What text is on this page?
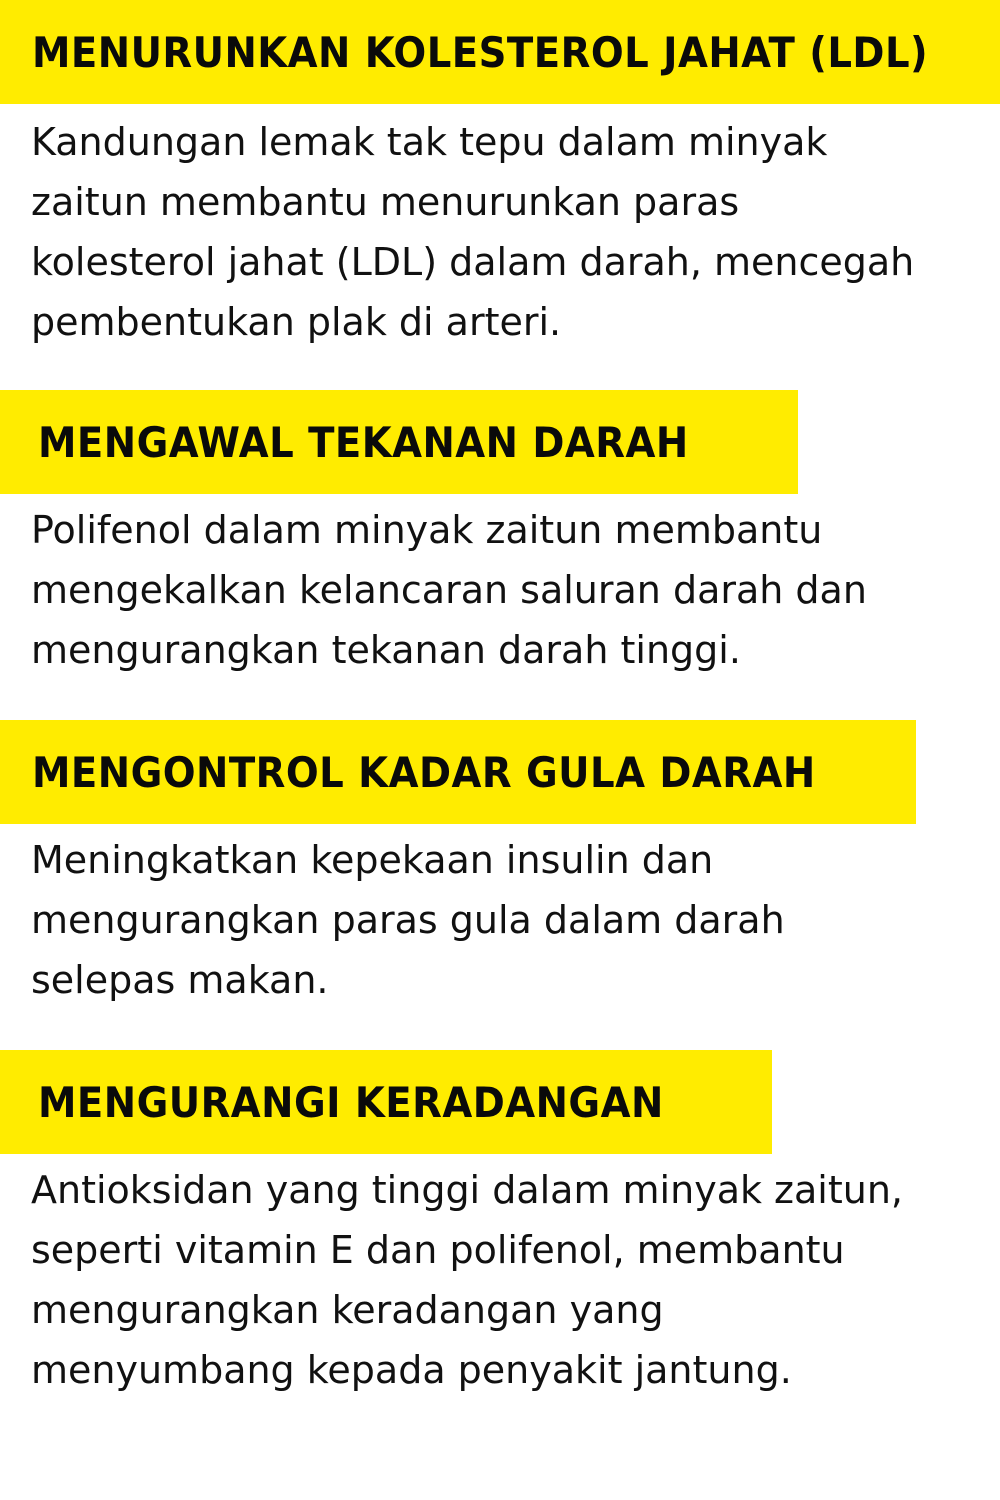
MENURUNKAN KOLESTEROL JAHAT (LDL)

Kandungan lemak tak tepu dalam minyak zaitun membantu menurunkan paras kolesterol jahat (LDL) dalam darah, mencegah pembentukan plak di arteri.

MENGAWAL TEKANAN DARAH

Polifenol dalam minyak zaitun membantu mengekalkan kelancaran saluran darah dan mengurangkan tekanan darah tinggi.

MENGONTROL KADAR GULA DARAH

Meningkatkan kepekaan insulin dan mengurangkan paras gula dalam darah selepas makan.

MENGURANGI KERADANGAN

Antioksidan yang tinggi dalam minyak zaitun, seperti vitamin E dan polifenol, membantu mengurangkan keradangan yang menyumbang kepada penyakit jantung.
